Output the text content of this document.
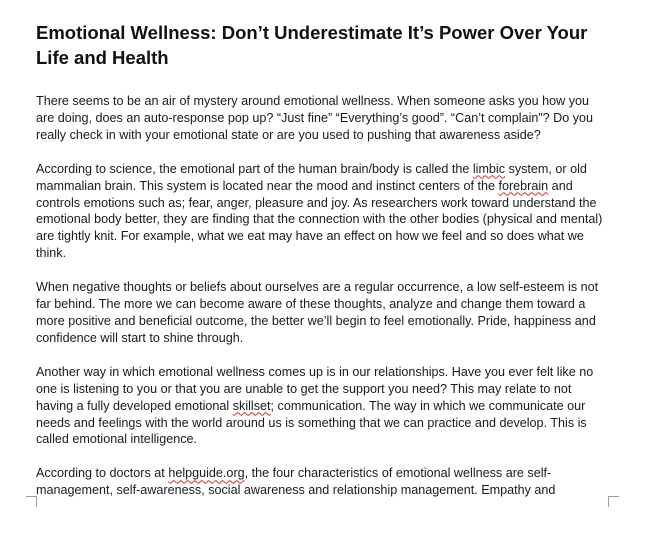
Emotional Wellness: Don’t Underestimate It’s Power Over Your Life and Health

There seems to be an air of mystery around emotional wellness. When someone asks you how you are doing, does an auto-response pop up? “Just fine” “Everything’s good”. “Can’t complain”? Do you really check in with your emotional state or are you used to pushing that awareness aside?

According to science, the emotional part of the human brain/body is called the limbic system, or old mammalian brain. This system is located near the mood and instinct centers of the forebrain and controls emotions such as; fear, anger, pleasure and joy. As researchers work toward understand the emotional body better, they are finding that the connection with the other bodies (physical and mental) are tightly knit. For example, what we eat may have an effect on how we feel and so does what we think.

When negative thoughts or beliefs about ourselves are a regular occurrence, a low self-esteem is not far behind. The more we can become aware of these thoughts, analyze and change them toward a more positive and beneficial outcome, the better we’ll begin to feel emotionally. Pride, happiness and confidence will start to shine through.

Another way in which emotional wellness comes up is in our relationships. Have you ever felt like no one is listening to you or that you are unable to get the support you need? This may relate to not having a fully developed emotional skillset; communication. The way in which we communicate our needs and feelings with the world around us is something that we can practice and develop. This is called emotional intelligence.

According to doctors at helpguide.org, the four characteristics of emotional wellness are self-management, self-awareness, social awareness and relationship management. Empathy and
